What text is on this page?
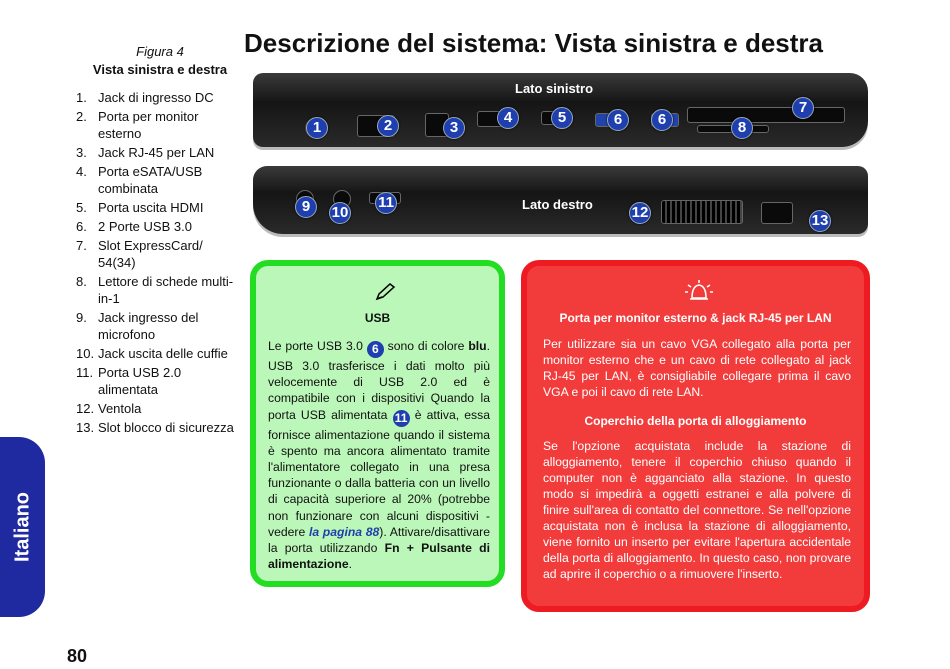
Figura 4
Vista sinistra e destra
1. Jack di ingresso DC
2. Porta per monitor esterno
3. Jack RJ-45 per LAN
4. Porta eSATA/USB combinata
5. Porta uscita HDMI
6. 2 Porte USB 3.0
7. Slot ExpressCard/ 54(34)
8. Lettore di schede multi-in-1
9. Jack ingresso del microfono
10. Jack uscita delle cuffie
11. Porta USB 2.0 alimentata
12. Ventola
13. Slot blocco di sicurezza
Descrizione del sistema: Vista sinistra e destra
Lato sinistro
1	2	3
4	5	6	6
7
8
Lato destro
9	10
11
12	13
USB
Le porte USB 3.0 6 sono di colore blu. USB 3.0 trasferisce i dati molto più velocemente di USB 2.0 ed è compatibile con i dispositivi Quando la porta USB alimentata 11 è attiva, essa fornisce alimentazione quando il sistema è spento ma ancora alimentato tramite l'alimentatore collegato in una presa funzionante o dalla batteria con un livello di capacità superiore al 20% (potrebbe non funzionare con alcuni dispositivi - vedere la pagina 88). Attivare/disattivare la porta utilizzando Fn + Pulsante di alimentazione.
Porta per monitor esterno & jack RJ-45 per LAN
Per utilizzare sia un cavo VGA collegato alla porta per monitor esterno che e un cavo di rete collegato al jack RJ-45 per LAN, è consigliabile collegare prima il cavo VGA e poi il cavo di rete LAN.
Coperchio della porta di alloggiamento
Se l'opzione acquistata include la stazione di alloggiamento, tenere il coperchio chiuso quando il computer non è agganciato alla stazione. In questo modo si impedirà a oggetti estranei e alla polvere di finire sull'area di contatto del connettore. Se nell'opzione acquistata non è inclusa la stazione di alloggiamento, viene fornito un inserto per evitare l'apertura accidentale della porta di alloggiamento. In questo caso, non provare ad aprire il coperchio o a rimuovere l'inserto.
Italiano
80
